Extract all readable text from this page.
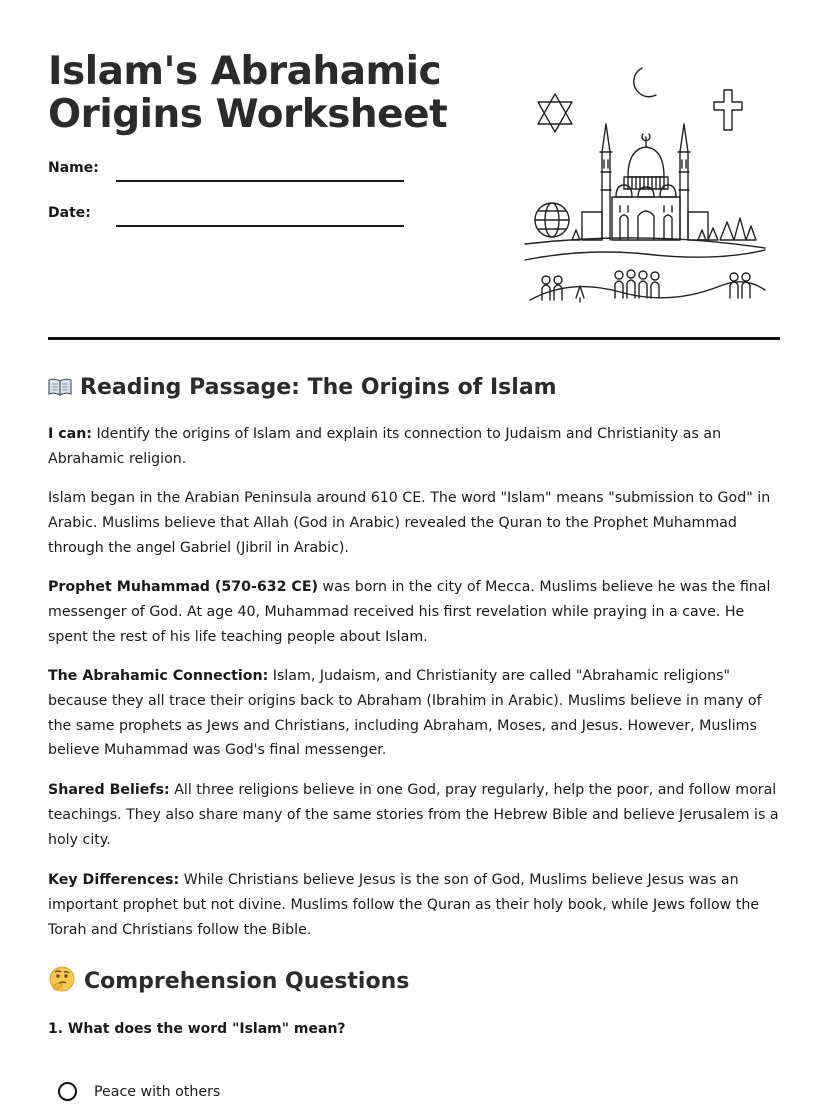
Islam's Abrahamic Origins Worksheet
Name:
Date:
Reading Passage: The Origins of Islam

I can: Identify the origins of Islam and explain its connection to Judaism and Christianity as an Abrahamic religion.

Islam began in the Arabian Peninsula around 610 CE. The word "Islam" means "submission to God" in Arabic. Muslims believe that Allah (God in Arabic) revealed the Quran to the Prophet Muhammad through the angel Gabriel (Jibril in Arabic).

Prophet Muhammad (570-632 CE) was born in the city of Mecca. Muslims believe he was the final messenger of God. At age 40, Muhammad received his first revelation while praying in a cave. He spent the rest of his life teaching people about Islam.

The Abrahamic Connection: Islam, Judaism, and Christianity are called "Abrahamic religions" because they all trace their origins back to Abraham (Ibrahim in Arabic). Muslims believe in many of the same prophets as Jews and Christians, including Abraham, Moses, and Jesus. However, Muslims believe Muhammad was God's final messenger.

Shared Beliefs: All three religions believe in one God, pray regularly, help the poor, and follow moral teachings. They also share many of the same stories from the Hebrew Bible and believe Jerusalem is a holy city.

Key Differences: While Christians believe Jesus is the son of God, Muslims believe Jesus was an important prophet but not divine. Muslims follow the Quran as their holy book, while Jews follow the Torah and Christians follow the Bible.

Comprehension Questions

1. What does the word "Islam" mean?

Peace with others
